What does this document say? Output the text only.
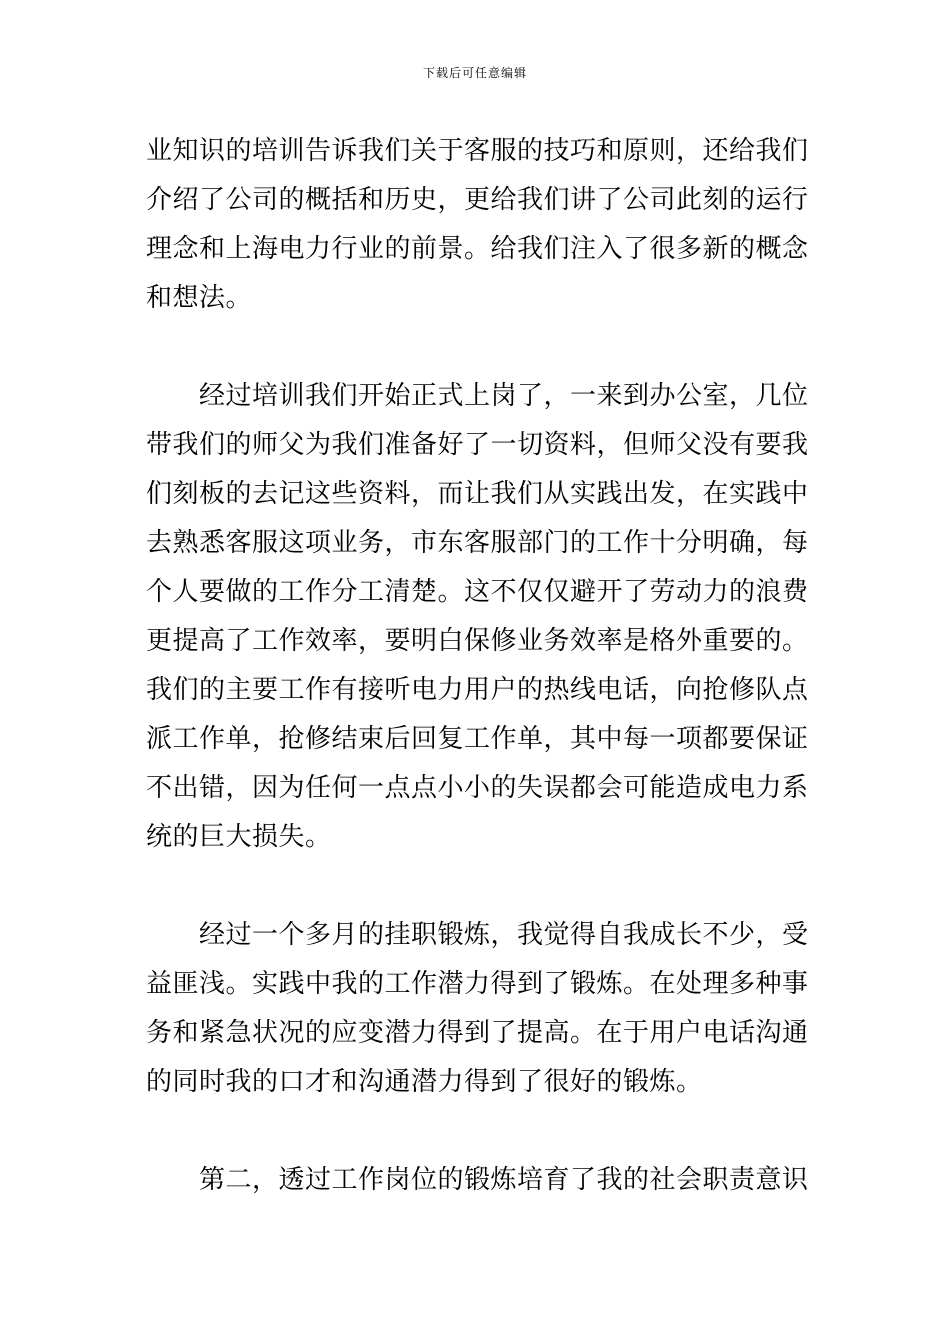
下载后可任意编辑
业知识的培训告诉我们关于客服的技巧和原则，还给我们
介绍了公司的概括和历史，更给我们讲了公司此刻的运行
理念和上海电力行业的前景。给我们注入了很多新的概念
和想法。
经过培训我们开始正式上岗了，一来到办公室，几位
带我们的师父为我们准备好了一切资料，但师父没有要我
们刻板的去记这些资料，而让我们从实践出发，在实践中
去熟悉客服这项业务，市东客服部门的工作十分明确，每
个人要做的工作分工清楚。这不仅仅避开了劳动力的浪费
更提高了工作效率，要明白保修业务效率是格外重要的。
我们的主要工作有接听电力用户的热线电话，向抢修队点
派工作单，抢修结束后回复工作单，其中每一项都要保证
不出错，因为任何一点点小小的失误都会可能造成电力系
统的巨大损失。
经过一个多月的挂职锻炼，我觉得自我成长不少，受
益匪浅。实践中我的工作潜力得到了锻炼。在处理多种事
务和紧急状况的应变潜力得到了提高。在于用户电话沟通
的同时我的口才和沟通潜力得到了很好的锻炼。
第二，透过工作岗位的锻炼培育了我的社会职责意识
